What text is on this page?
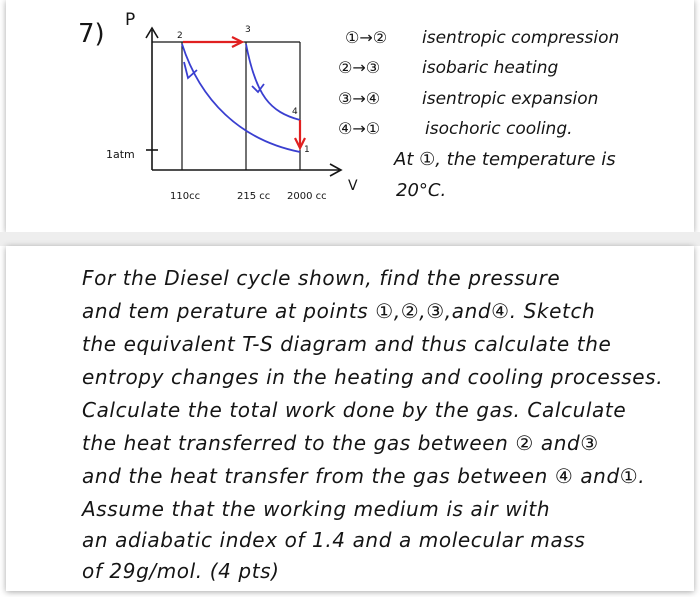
7) P
V
1atm	1
2
3
4
110cc	215 cc 2000 cc
①→② isentropic compression
②→③ isobaric heating
③→④ isentropic expansion
④→①	isochoric cooling.
At ①, the temperature is
20°C.
For the Diesel cycle shown, find the pressure
and tem perature at points ①,②,③,and④. Sketch
the equivalent T-S diagram and thus calculate the
entropy changes in the heating and cooling processes.
Calculate the total work done by the gas. Calculate
the heat transferred to the gas between ② and③
and the heat transfer from the gas between ④ and①.
Assume that the working medium is air with
an adiabatic index of 1.4 and a molecular mass
of 29g/mol. (4 pts)
